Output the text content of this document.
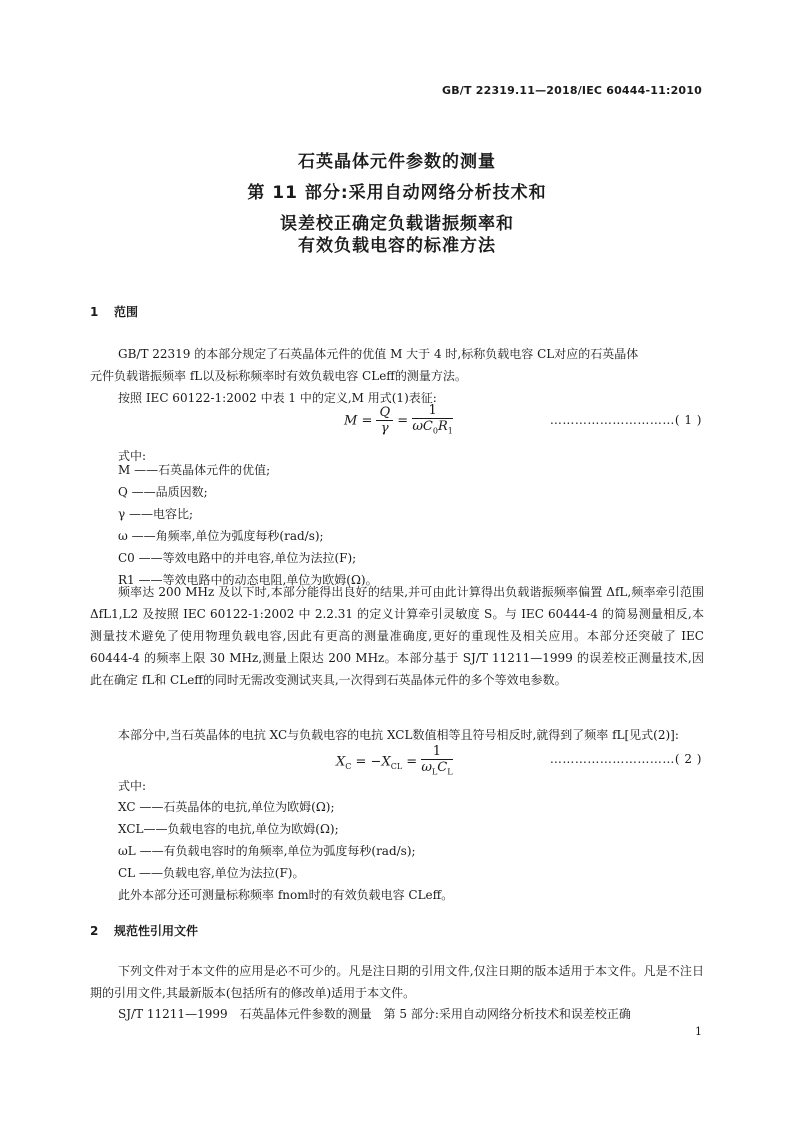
GB/T 22319.11—2018/IEC 60444-11:2010
石英晶体元件参数的测量
第 11 部分:采用自动网络分析技术和
误差校正确定负载谐振频率和
有效负载电容的标准方法
1 范围
GB/T 22319 的本部分规定了石英晶体元件的优值 M 大于 4 时,标称负载电容 CL对应的石英晶体
元件负载谐振频率 fL以及标称频率时有效负载电容 CLeff的测量方法。
按照 IEC 60122-1:2002 中表 1 中的定义,M 用式(1)表征:
$M = \frac{Q}{\gamma} = \frac{1}{\omega C_0R_1}$	…………………………( 1 )
式中:
M ——石英晶体元件的优值;
Q ——品质因数;
γ ——电容比;
ω ——角频率,单位为弧度每秒(rad/s);
C0 ——等效电路中的并电容,单位为法拉(F);
R1 ——等效电路中的动态电阻,单位为欧姆(Ω)。
频率达 200 MHz 及以下时,本部分能得出良好的结果,并可由此计算得出负载谐振频率偏置 ΔfL,频率牵引范围 ΔfL1,L2 及按照 IEC 60122-1:2002 中 2.2.31 的定义计算牵引灵敏度 S。与 IEC 60444-4 的简易测量相反,本测量技术避免了使用物理负载电容,因此有更高的测量准确度,更好的重现性及相关应用。本部分还突破了 IEC 60444-4 的频率上限 30 MHz,测量上限达 200 MHz。本部分基于 SJ/T 11211—1999 的误差校正测量技术,因此在确定 fL和 CLeff的同时无需改变测试夹具,一次得到石英晶体元件的多个等效电参数。
本部分中,当石英晶体的电抗 XC与负载电容的电抗 XCL数值相等且符号相反时,就得到了频率 fL[见式(2)]:
$X_C = -X_{CL} = \frac{1}{\omega_LC_L}$	…………………………( 2 )
式中:
XC ——石英晶体的电抗,单位为欧姆(Ω);
XCL——负载电容的电抗,单位为欧姆(Ω);
ωL ——有负载电容时的角频率,单位为弧度每秒(rad/s);
CL ——负载电容,单位为法拉(F)。
此外本部分还可测量标称频率 fnom时的有效负载电容 CLeff。
2 规范性引用文件
下列文件对于本文件的应用是必不可少的。凡是注日期的引用文件,仅注日期的版本适用于本文件。凡是不注日期的引用文件,其最新版本(包括所有的修改单)适用于本文件。
SJ/T 11211—1999　石英晶体元件参数的测量　第 5 部分:采用自动网络分析技术和误差校正确
1
